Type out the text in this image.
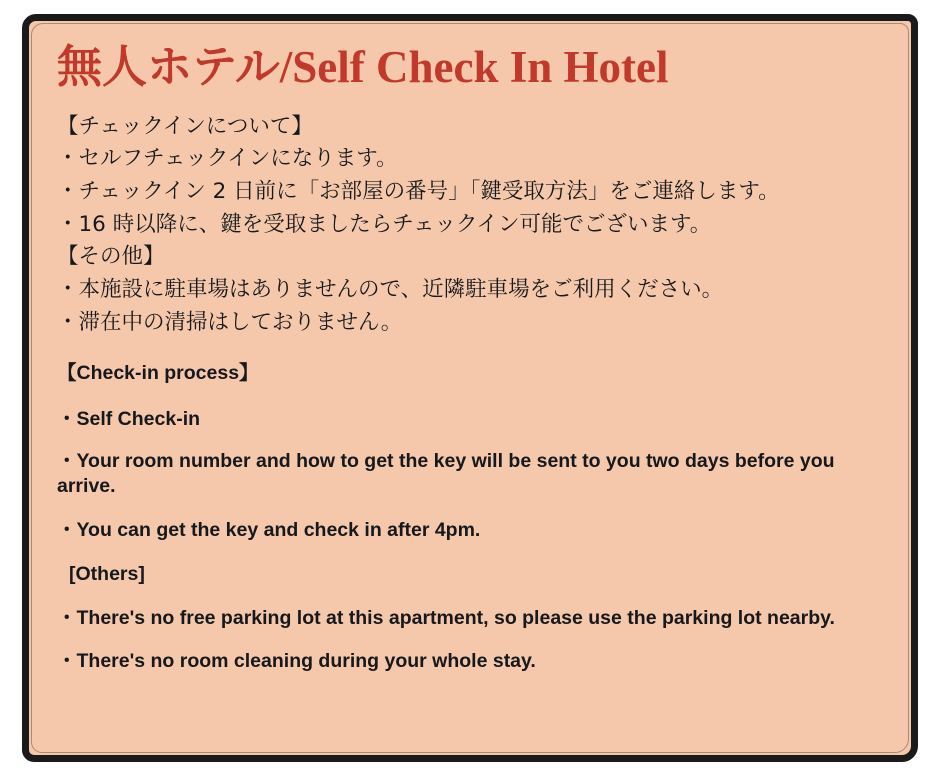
無人ホテル/Self Check In Hotel
【チェックインについて】
・セルフチェックインになります。
・チェックイン 2 日前に「お部屋の番号」「鍵受取方法」をご連絡します。
・16 時以降に、鍵を受取ましたらチェックイン可能でございます。
【その他】
・本施設に駐車場はありませんので、近隣駐車場をご利用ください。
・滞在中の清掃はしておりません。
【Check-in process】
・Self Check-in
・Your room number and how to get the key will be sent to you two days before you arrive.
・You can get the key and check in after 4pm.
[Others]
・There's no free parking lot at this apartment, so please use the parking lot nearby.
・There's no room cleaning during your whole stay.
